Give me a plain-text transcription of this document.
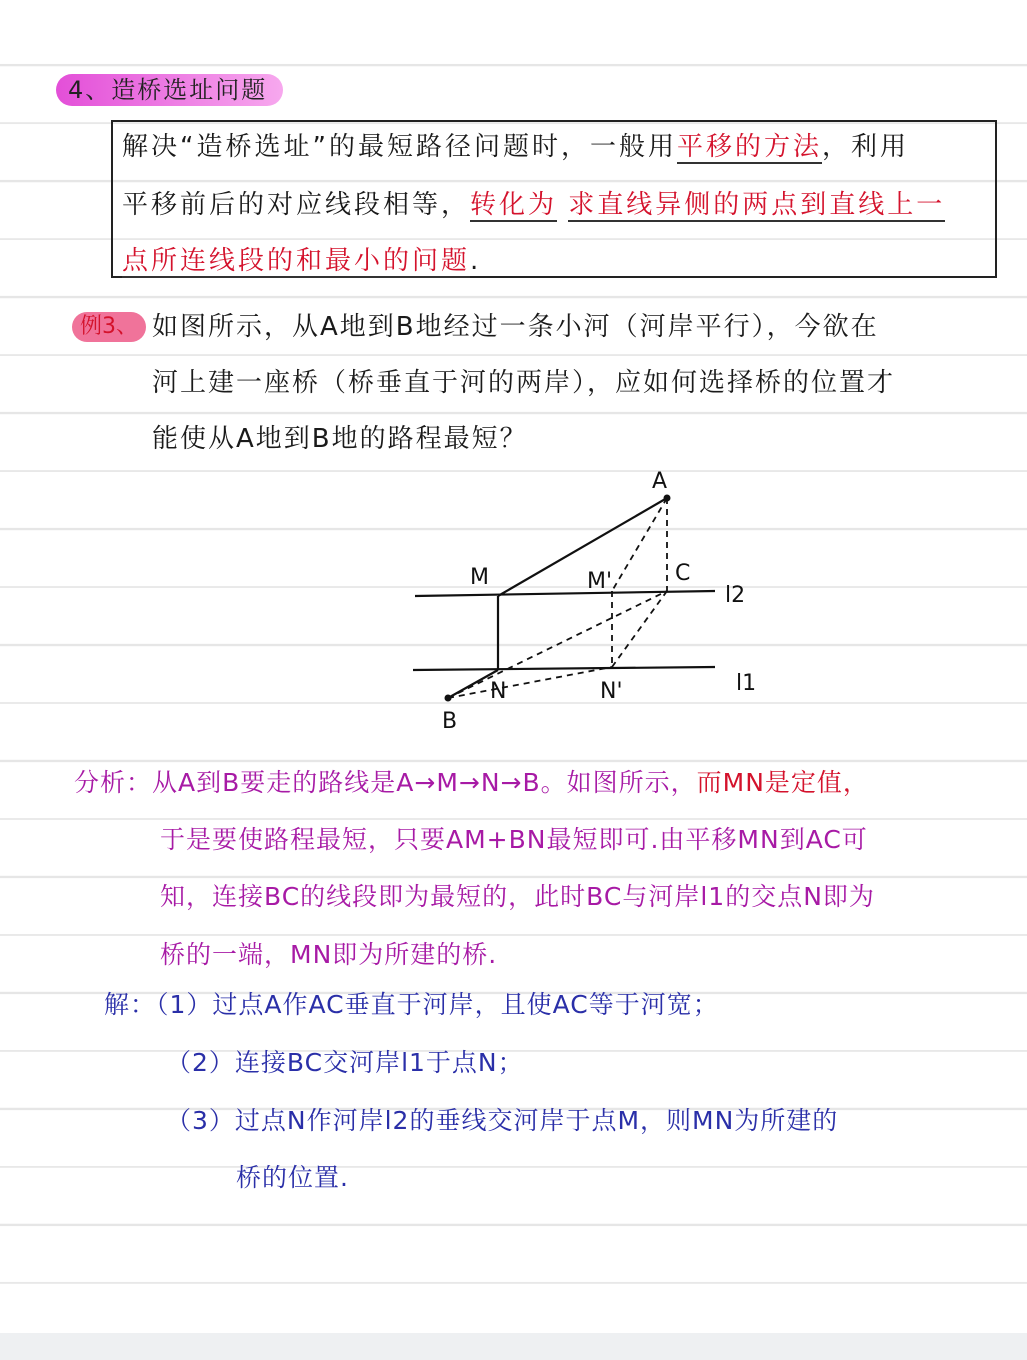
4、造桥选址问题
解决“造桥选址”的最短路径问题时，一般用平移的方法，利用
平移前后的对应线段相等，转化为 求直线异侧的两点到直线上一
点所连线段的和最小的问题.
例3、 如图所示，从A地到B地经过一条小河（河岸平行），今欲在
河上建一座桥（桥垂直于河的两岸），应如何选择桥的位置才
能使从A地到B地的路程最短？
A
M	M'	C
l2
N	N'	l1
B
分析：从A到B要走的路线是A→M→N→B。如图所示，而MN是定值，
于是要使路程最短，只要AM+BN最短即可.由平移MN到AC可
知，连接BC的线段即为最短的，此时BC与河岸l1的交点N即为
桥的一端，MN即为所建的桥.
解：（1）过点A作AC垂直于河岸，且使AC等于河宽；
（2）连接BC交河岸l1于点N；
（3）过点N作河岸l2的垂线交河岸于点M，则MN为所建的
桥的位置.
